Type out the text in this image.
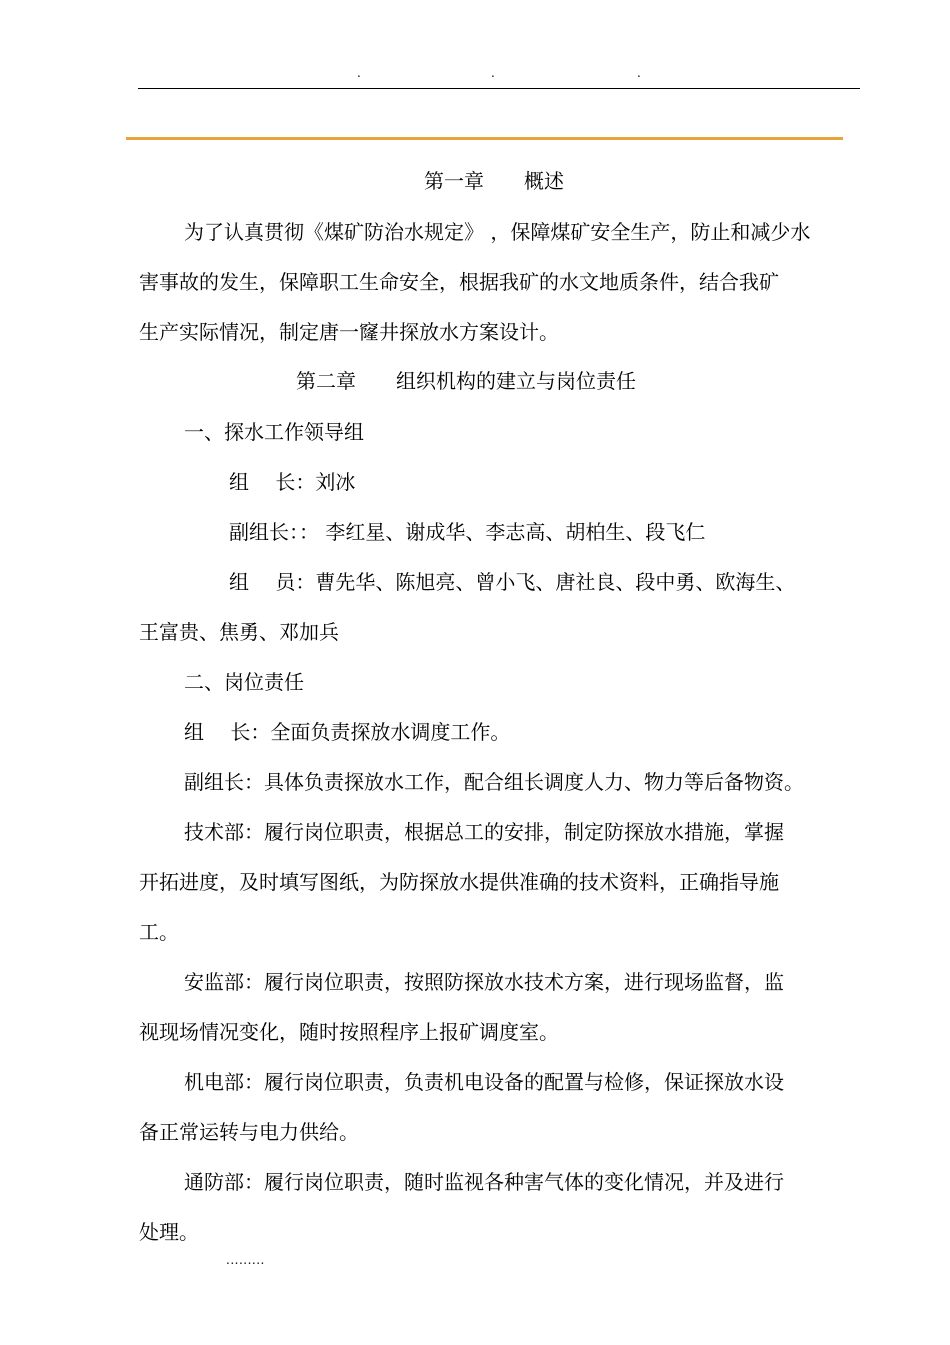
.	.	.
第一章　　概述
为了认真贯彻《煤矿防治水规定》 ，保障煤矿安全生产，防止和减少水
害事故的发生，保障职工生命安全，根据我矿的水文地质条件，结合我矿
生产实际情况，制定唐一窿井探放水方案设计。
第二章　　组织机构的建立与岗位责任
一、探水工作领导组
组　 长：刘冰
副组长：： 李红星、谢成华、李志高、胡柏生、段飞仁
组　 员：曹先华、陈旭亮、曾小飞、唐社良、段中勇、欧海生、
王富贵、焦勇、邓加兵
二、岗位责任
组　 长：全面负责探放水调度工作。
副组长：具体负责探放水工作，配合组长调度人力、物力等后备物资。
技术部：履行岗位职责，根据总工的安排，制定防探放水措施，掌握
开拓进度，及时填写图纸，为防探放水提供准确的技术资料，正确指导施
工。
安监部：履行岗位职责，按照防探放水技术方案，进行现场监督，监
视现场情况变化，随时按照程序上报矿调度室。
机电部：履行岗位职责，负责机电设备的配置与检修，保证探放水设
备正常运转与电力供给。
通防部：履行岗位职责，随时监视各种害气体的变化情况，并及进行
处理。
.........
